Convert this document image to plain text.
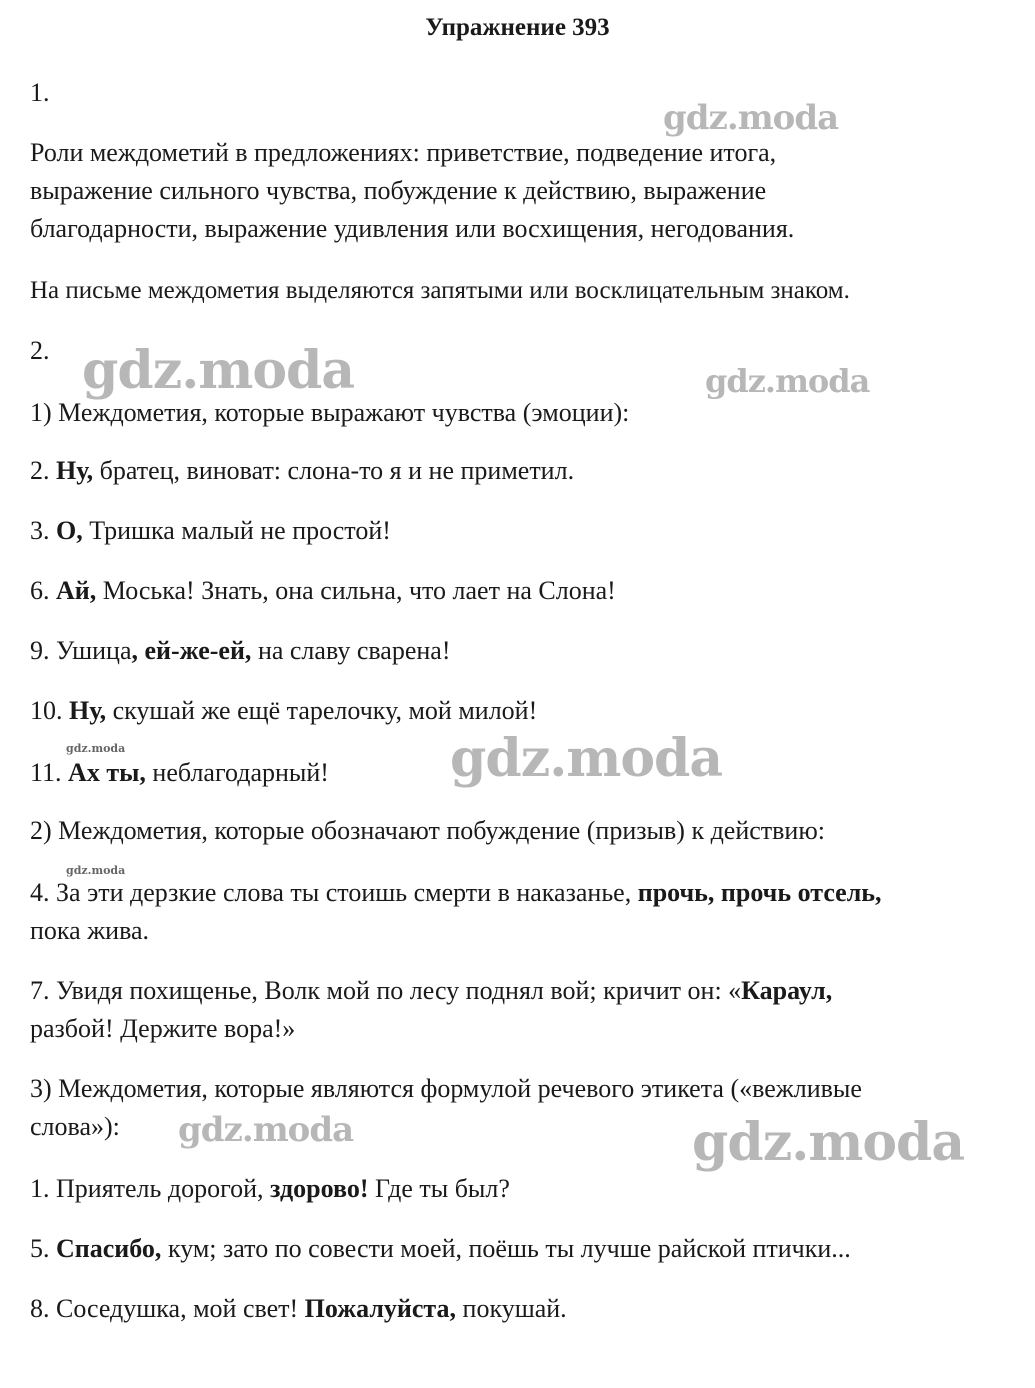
Упражнение 393
1.
Роли междометий в предложениях: приветствие, подведение итога,
выражение сильного чувства, побуждение к действию, выражение
благодарности, выражение удивления или восхищения, негодования.
На письме междометия выделяются запятыми или восклицательным знаком.
2.
1) Междометия, которые выражают чувства (эмоции):
2. Ну, братец, виноват: слона-то я и не приметил.
3. О, Тришка малый не простой!
6. Ай, Моська! Знать, она сильна, что лает на Слона!
9. Ушица, ей-же-ей, на славу сварена!
10. Ну, скушай же ещё тарелочку, мой милой!
11. Ах ты, неблагодарный!
2) Междометия, которые обозначают побуждение (призыв) к действию:
4. За эти дерзкие слова ты стоишь смерти в наказанье, прочь, прочь отсель,
пока жива.
7. Увидя похищенье, Волк мой по лесу поднял вой; кричит он: «Караул,
разбой! Держите вора!»
3) Междометия, которые являются формулой речевого этикета («вежливые
слова»):
1. Приятель дорогой, здорово! Где ты был?
5. Спасибо, кум; зато по совести моей, поёшь ты лучше райской птички...
8. Соседушка, мой свет! Пожалуйста, покушай.
gdz.moda
gdz.moda	gdz.moda
gdz.moda
gdz.moda	gdz.moda
gdz.moda
gdz.moda
